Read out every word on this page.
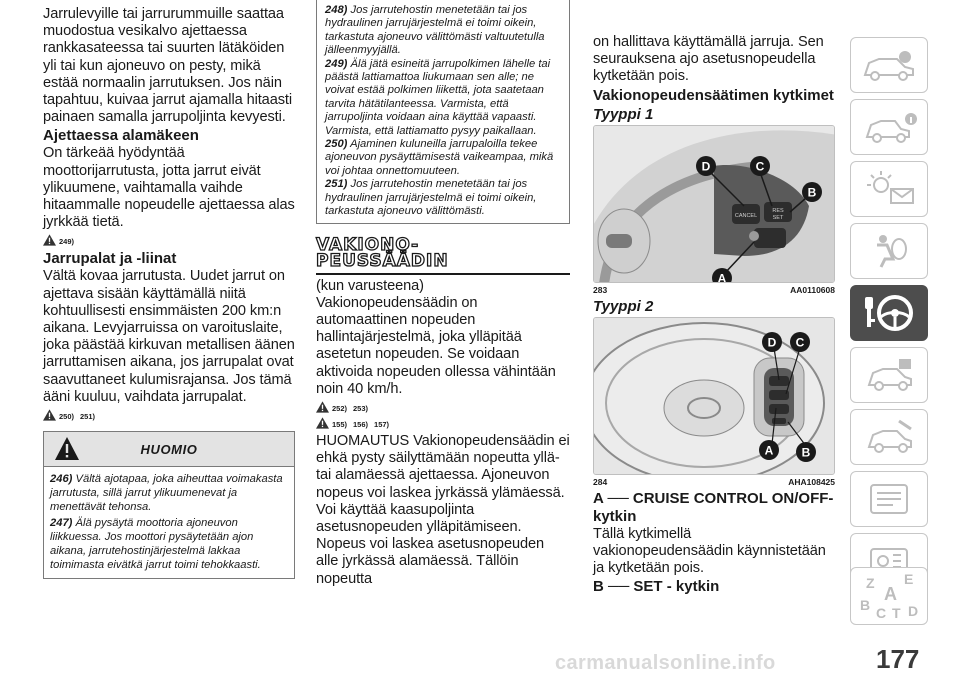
Jarrulevyille tai jarrurummuille saattaa muodostua vesikalvo ajettaessa rankkasateessa tai suurten lätäköiden yli tai kun ajoneuvo on pesty, mikä estää normaalin jarrutuksen. Jos näin tapahtuu, kuivaa jarrut ajamalla hitaasti painaen samalla jarrupoljinta kevyesti.
Ajettaessa alamäkeen
On tärkeää hyödyntää moottorijarrutusta, jotta jarrut eivät ylikuumene, vaihtamalla vaihde hitaammalle nopeudelle ajettaessa alas jyrkkää tietä.
249)
Jarrupalat ja -liinat
Vältä kovaa jarrutusta. Uudet jarrut on ajettava sisään käyttämällä niitä kohtuullisesti ensimmäisten 200 km:n aikana. Levyjarruissa on varoituslaite, joka päästää kirkuvan metallisen äänen jarruttamisen aikana, jos jarrupalat ovat saavuttaneet kulumisrajansa. Jos tämä ääni kuuluu, vaihdata jarrupalat.
250) 251)
HUOMIO
246) Vältä ajotapaa, joka aiheuttaa voimakasta jarrutusta, sillä jarrut ylikuumenevat ja menettävät tehonsa.
247) Älä pysäytä moottoria ajoneuvon liikkuessa. Jos moottori pysäytetään ajon aikana, jarrutehostinjärjestelmä lakkaa toimimasta eivätkä jarrut toimi tehokkaasti.
248) Jos jarrutehostin menetetään tai jos hydraulinen jarrujärjestelmä ei toimi oikein, tarkastuta ajoneuvo välittömästi valtuutetulla jälleenmyyjällä.
249) Älä jätä esineitä jarrupolkimen lähelle tai päästä lattiamattoa liukumaan sen alle; ne voivat estää polkimen liikettä, jota saatetaan tarvita hätätilanteessa. Varmista, että jarrupoljinta voidaan aina käyttää vapaasti. Varmista, että lattiamatto pysyy paikallaan.
250) Ajaminen kuluneilla jarrupaloilla tekee ajoneuvon pysäyttämisestä vaikeampaa, mikä voi johtaa onnettomuuteen.
251) Jos jarrutehostin menetetään tai jos hydraulinen jarrujärjestelmä ei toimi oikein, tarkastuta ajoneuvo välittömästi.
VAKIONO-
PEUSSÄÄDIN
(kun varusteena)
Vakionopeudensäädin on automaattinen nopeuden hallintajärjestelmä, joka ylläpitää asetetun nopeuden. Se voidaan aktivoida nopeuden ollessa vähintään noin 40 km/h.
252) 253)
155) 156) 157)
HUOMAUTUS Vakionopeudensäädin ei ehkä pysty säilyttämään nopeutta yllä- tai alamäessä ajettaessa. Ajoneuvon nopeus voi laskea jyrkässä ylämäessä. Voi käyttää kaasupoljinta asetusnopeuden ylläpitämiseen. Nopeus voi laskea asetusnopeuden alle jyrkässä alamäessä. Tällöin nopeutta
on hallittava käyttämällä jarruja. Sen seurauksena ajo asetusnopeudella kytketään pois.
Vakionopeudensäätimen kytkimet
Tyyppi 1
D	C
B
A
CANCEL
RES
SET
283	AA0110608
Tyyppi 2
D C
A B
284	AHA108425
A ── CRUISE CONTROL ON/OFF-kytkin
Tällä kytkimellä vakionopeudensäädin käynnistetään ja kytketään pois.
B ── SET - kytkin	Z E
A
B C D
T
177
carmanualsonline.info
